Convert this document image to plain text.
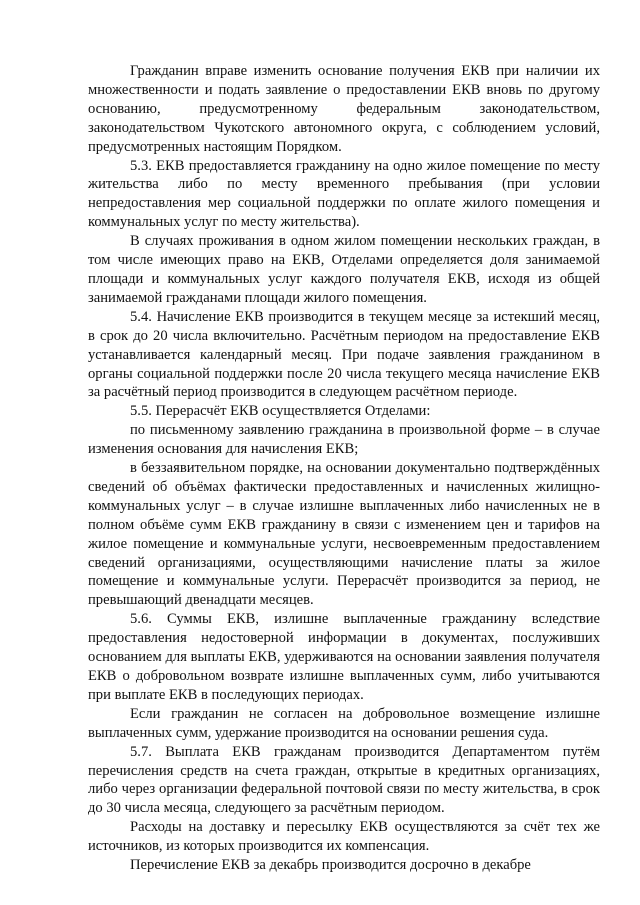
Гражданин вправе изменить основание получения ЕКВ при наличии их множественности и подать заявление о предоставлении ЕКВ вновь по другому основанию, предусмотренному федеральным законодательством, законодательством Чукотского автономного округа, с соблюдением условий, предусмотренных настоящим Порядком.

5.3. ЕКВ предоставляется гражданину на одно жилое помещение по месту жительства либо по месту временного пребывания (при условии непредоставления мер социальной поддержки по оплате жилого помещения и коммунальных услуг по месту жительства).

В случаях проживания в одном жилом помещении нескольких граждан, в том числе имеющих право на ЕКВ, Отделами определяется доля занимаемой площади и коммунальных услуг каждого получателя ЕКВ, исходя из общей занимаемой гражданами площади жилого помещения.

5.4. Начисление ЕКВ производится в текущем месяце за истекший месяц, в срок до 20 числа включительно. Расчётным периодом на предоставление ЕКВ устанавливается календарный месяц. При подаче заявления гражданином в органы социальной поддержки после 20 числа текущего месяца начисление ЕКВ за расчётный период производится в следующем расчётном периоде.

5.5. Перерасчёт ЕКВ осуществляется Отделами:

по письменному заявлению гражданина в произвольной форме – в случае изменения основания для начисления ЕКВ;

в беззаявительном порядке, на основании документально подтверждённых сведений об объёмах фактически предоставленных и начисленных жилищно-коммунальных услуг – в случае излишне выплаченных либо начисленных не в полном объёме сумм ЕКВ гражданину в связи с изменением цен и тарифов на жилое помещение и коммунальные услуги, несвоевременным предоставлением сведений организациями, осуществляющими начисление платы за жилое помещение и коммунальные услуги. Перерасчёт производится за период, не превышающий двенадцати месяцев.

5.6. Суммы ЕКВ, излишне выплаченные гражданину вследствие предоставления недостоверной информации в документах, послуживших основанием для выплаты ЕКВ, удерживаются на основании заявления получателя ЕКВ о добровольном возврате излишне выплаченных сумм, либо учитываются при выплате ЕКВ в последующих периодах.

Если гражданин не согласен на добровольное возмещение излишне выплаченных сумм, удержание производится на основании решения суда.

5.7. Выплата ЕКВ гражданам производится Департаментом путём перечисления средств на счета граждан, открытые в кредитных организациях, либо через организации федеральной почтовой связи по месту жительства, в срок до 30 числа месяца, следующего за расчётным периодом.

Расходы на доставку и пересылку ЕКВ осуществляются за счёт тех же источников, из которых производится их компенсация.

Перечисление ЕКВ за декабрь производится досрочно в декабре
